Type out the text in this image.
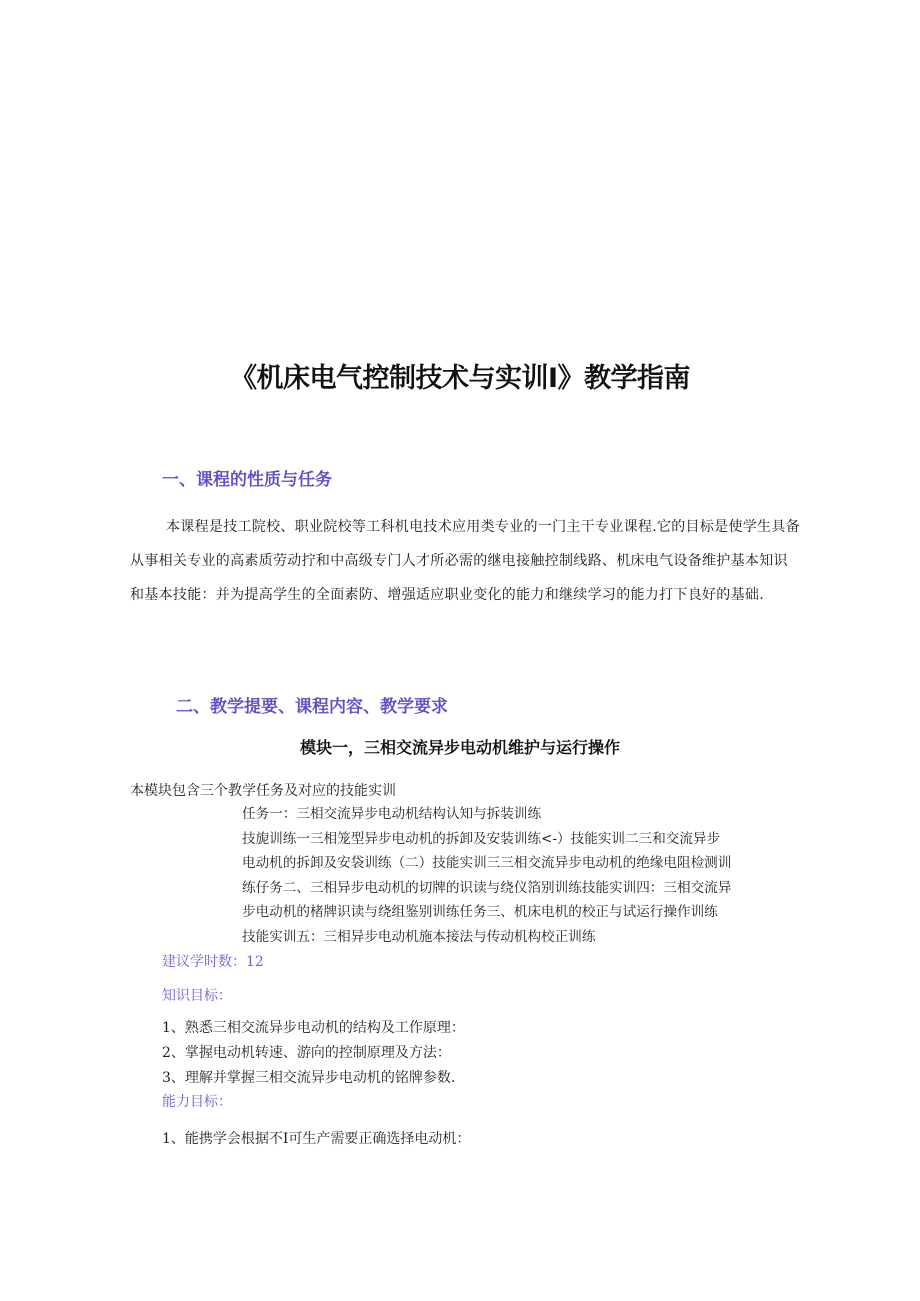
《机床电气控制技术与实训I》教学指南
一、课程的性质与任务

本课程是技工院校、职业院校等工科机电技术应用类专业的一门主干专业课程.它的目标是使学生具备从事相关专业的高素质劳动拧和中高级专门人才所必需的继电接触控制线路、机床电气设备维护基本知识和基本技能：并为提高学生的全面素防、增强适应职业变化的能力和继续学习的能力打下良好的基础.

二、教学提要、课程内容、教学要求
模块一，三相交流异步电动机维护与运行操作
本模块包含三个教学任务及对应的技能实训
任务一：三相交流异步电动机结构认知与拆装训练
技旎训练一三相笼型异步电动机的拆卸及安装训练<-）技能实训二三和交流异步
电动机的拆卸及安袋训练（二）技能实训三三相交流异步电动机的绝缘电阻检测训
练仔务二、三相异步电动机的切牌的识读与绕仪箔别训练技能实训四：三相交流异
步电动机的楮牌识读与绕组鉴别训练任务三、机床电机的校正与试运行操作训练
技能实训五：三相异步电动机施本接法与传动机构校正训练
建议学时数：12
知识目标：
1、熟悉三相交流异步电动机的结构及工作原理：
2、掌握电动机转速、游向的控制原理及方法：
3、理解并掌握三相交流异步电动机的铭牌参数.
能力目标：
1、能携学会根据不I可生产需要正确选择电动机：
